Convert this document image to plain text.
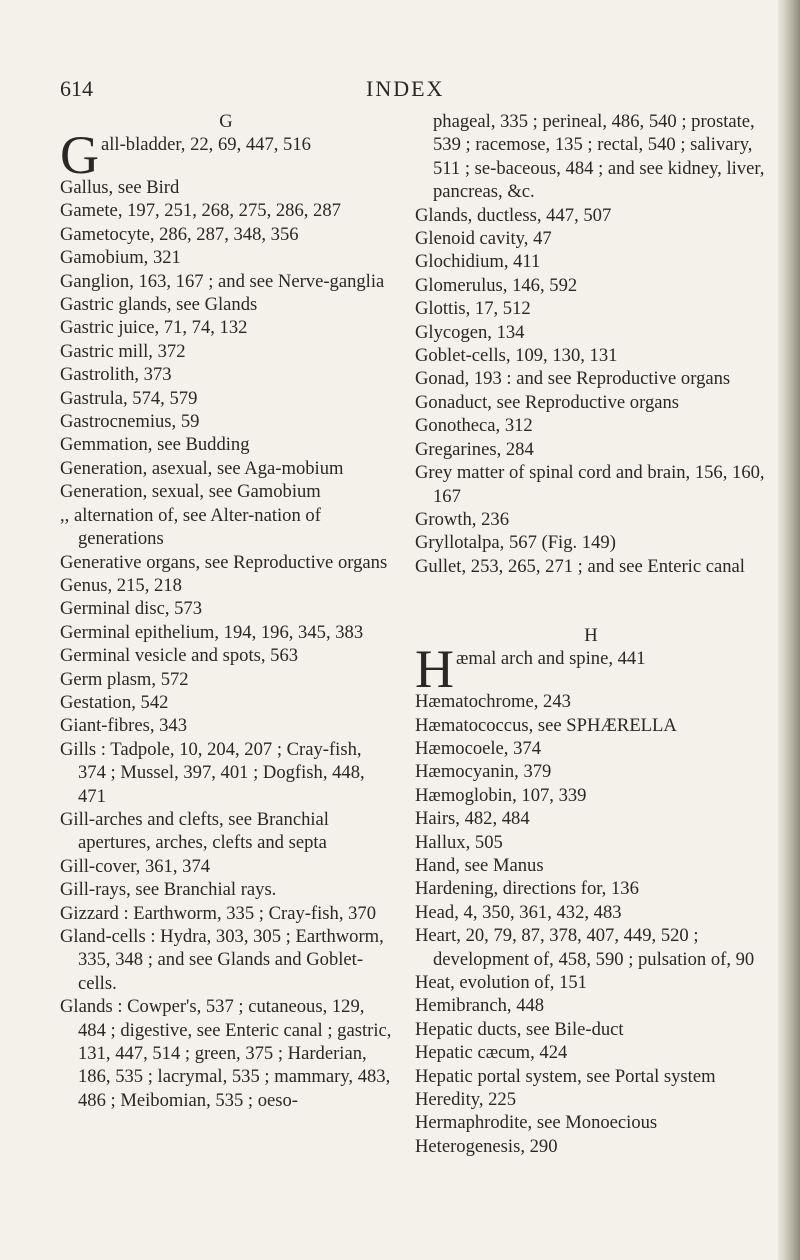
614	INDEX
G
Gall-bladder, 22, 69, 447, 516
Gallus, see Bird
Gamete, 197, 251, 268, 275, 286, 287
Gametocyte, 286, 287, 348, 356
Gamobium, 321
Ganglion, 163, 167 ; and see Nerve-ganglia
Gastric glands, see Glands
Gastric juice, 71, 74, 132
Gastric mill, 372
Gastrolith, 373
Gastrula, 574, 579
Gastrocnemius, 59
Gemmation, see Budding
Generation, asexual, see Aga-mobium
Generation, sexual, see Gamobium
,, alternation of, see Alter-nation of generations
Generative organs, see Reproductive organs
Genus, 215, 218
Germinal disc, 573
Germinal epithelium, 194, 196, 345, 383
Germinal vesicle and spots, 563
Germ plasm, 572
Gestation, 542
Giant-fibres, 343
Gills : Tadpole, 10, 204, 207 ; Cray-fish, 374 ; Mussel, 397, 401 ; Dogfish, 448, 471
Gill-arches and clefts, see Branchial apertures, arches, clefts and septa
Gill-cover, 361, 374
Gill-rays, see Branchial rays.
Gizzard : Earthworm, 335 ; Cray-fish, 370
Gland-cells : Hydra, 303, 305 ; Earthworm, 335, 348 ; and see Glands and Goblet-cells.
Glands : Cowper's, 537 ; cutaneous, 129, 484 ; digestive, see Enteric canal ; gastric, 131, 447, 514 ; green, 375 ; Harderian, 186, 535 ; lacrymal, 535 ; mammary, 483, 486 ; Meibomian, 535 ; oeso-
phageal, 335 ; perineal, 486, 540 ; prostate, 539 ; racemose, 135 ; rectal, 540 ; salivary, 511 ; se-baceous, 484 ; and see kidney, liver, pancreas, &c.
Glands, ductless, 447, 507
Glenoid cavity, 47
Glochidium, 411
Glomerulus, 146, 592
Glottis, 17, 512
Glycogen, 134
Goblet-cells, 109, 130, 131
Gonad, 193 : and see Reproductive organs
Gonaduct, see Reproductive organs
Gonotheca, 312
Gregarines, 284
Grey matter of spinal cord and brain, 156, 160, 167
Growth, 236
Gryllotalpa, 567 (Fig. 149)
Gullet, 253, 265, 271 ; and see Enteric canal
H
Hæmal arch and spine, 441
Hæmatochrome, 243
Hæmatococcus, see SPHÆRELLA
Hæmocoele, 374
Hæmocyanin, 379
Hæmoglobin, 107, 339
Hairs, 482, 484
Hallux, 505
Hand, see Manus
Hardening, directions for, 136
Head, 4, 350, 361, 432, 483
Heart, 20, 79, 87, 378, 407, 449, 520 ; development of, 458, 590 ; pulsation of, 90
Heat, evolution of, 151
Hemibranch, 448
Hepatic ducts, see Bile-duct
Hepatic cæcum, 424
Hepatic portal system, see Portal system
Heredity, 225
Hermaphrodite, see Monoecious
Heterogenesis, 290
